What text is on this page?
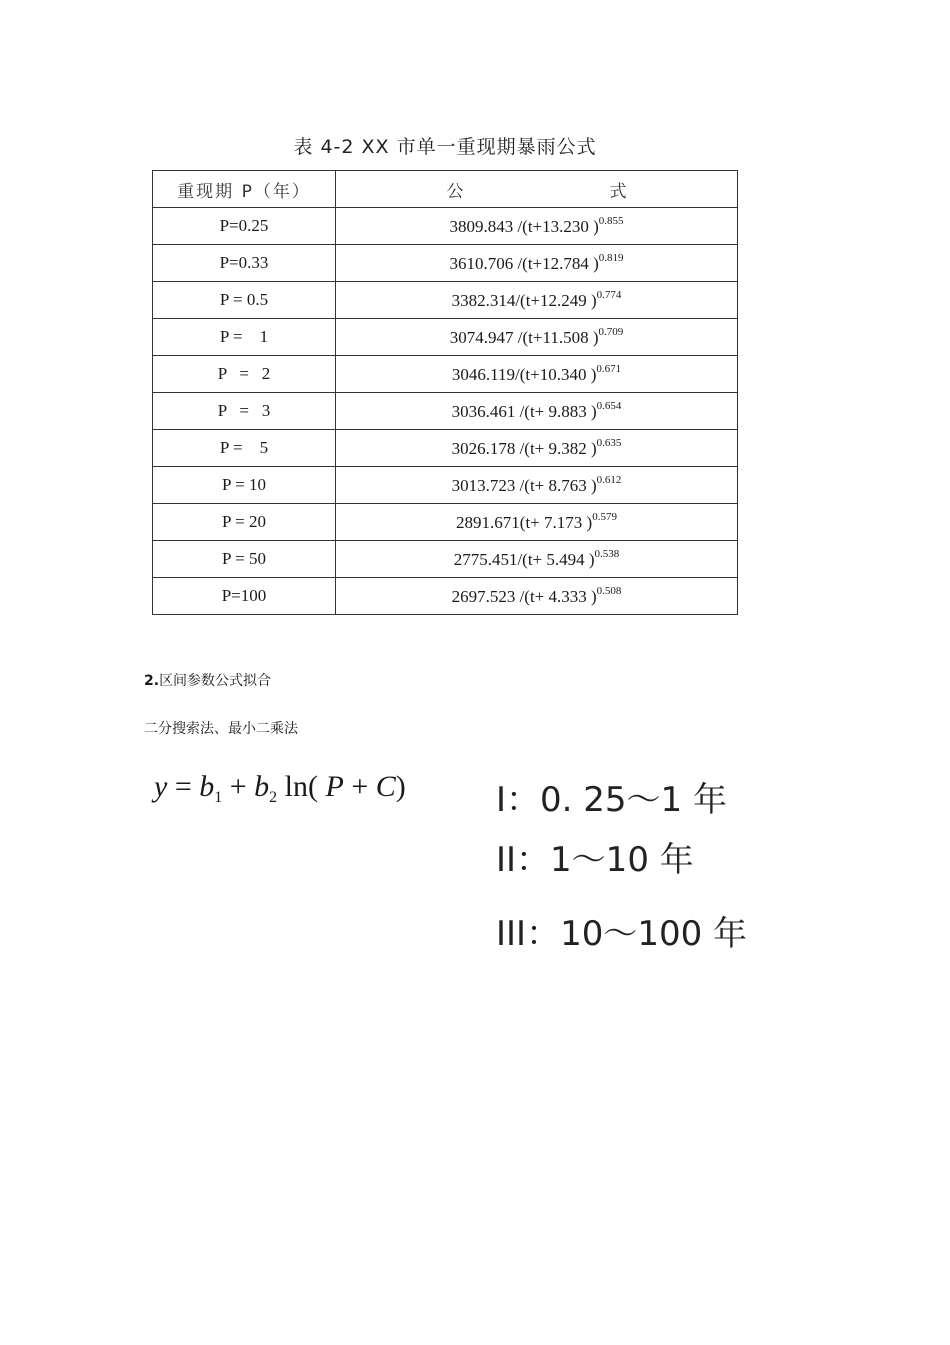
表 4-2 XX 市单一重现期暴雨公式
重现期 P（年）	公 式

P=0.25	3809.843 /(t+13.230 )$^{0.855}$
P=0.33	3610.706 /(t+12.784 )$^{0.819}$
P = 0.5	3382.314/(t+12.249 )$^{0.774}$
P =    1	3074.947 /(t+11.508 )$^{0.709}$
P   =   2	3046.119/(t+10.340 )$^{0.671}$
P   =   3	3036.461 /(t+ 9.883 )$^{0.654}$
P =    5	3026.178 /(t+ 9.382 )$^{0.635}$
P = 10	3013.723 /(t+ 8.763 )$^{0.612}$
P = 20	2891.671(t+ 7.173 )$^{0.579}$
P = 50	2775.451/(t+ 5.494 )$^{0.538}$
P=100	2697.523 /(t+ 4.333 )$^{0.508}$
2.区间参数公式拟合
二分搜索法、最小二乘法
$y = b_1 + b_2$ ln( P + C)	I：0. 25～1 年
II：1～10 年
III：10～100 年
